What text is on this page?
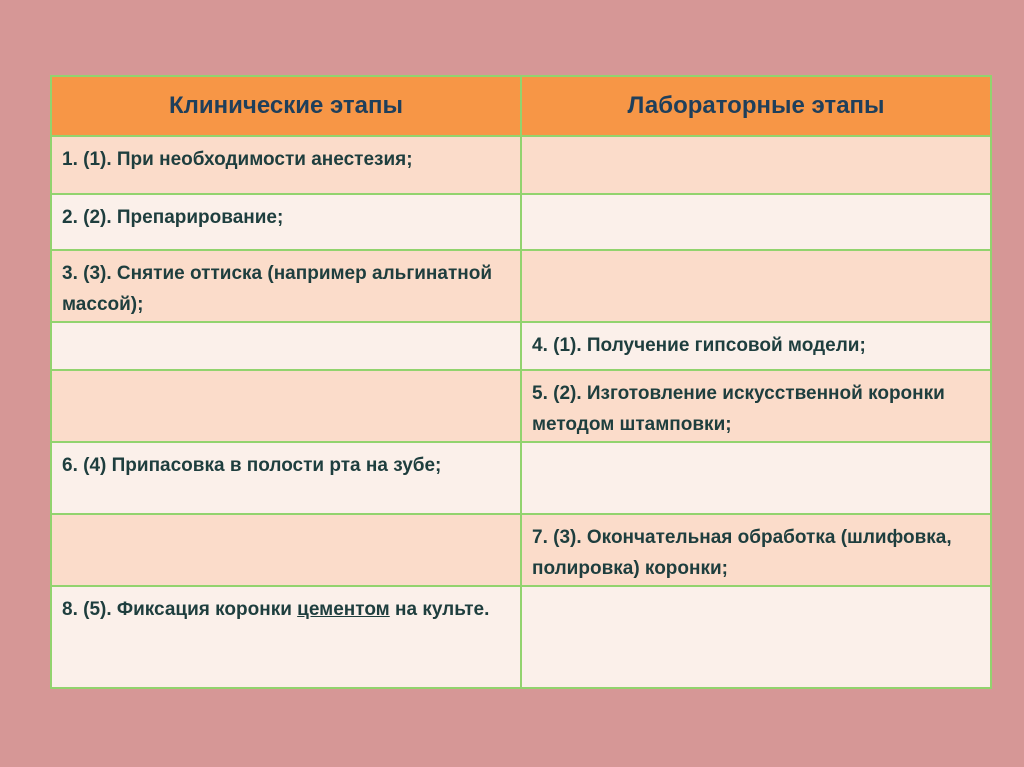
Клинические этапы	Лабораторные этапы
1. (1). При необходимости анестезия;	
2. (2). Препарирование;	
3. (3). Снятие оттиска (например альгинатной массой);	
	4. (1). Получение гипсовой модели;
	5. (2). Изготовление искусственной коронки методом штамповки;
6. (4) Припасовка в полости рта на зубе;	
	7. (3). Окончательная обработка (шлифовка, полировка) коронки;
8. (5). Фиксация коронки цементом на культе.	
